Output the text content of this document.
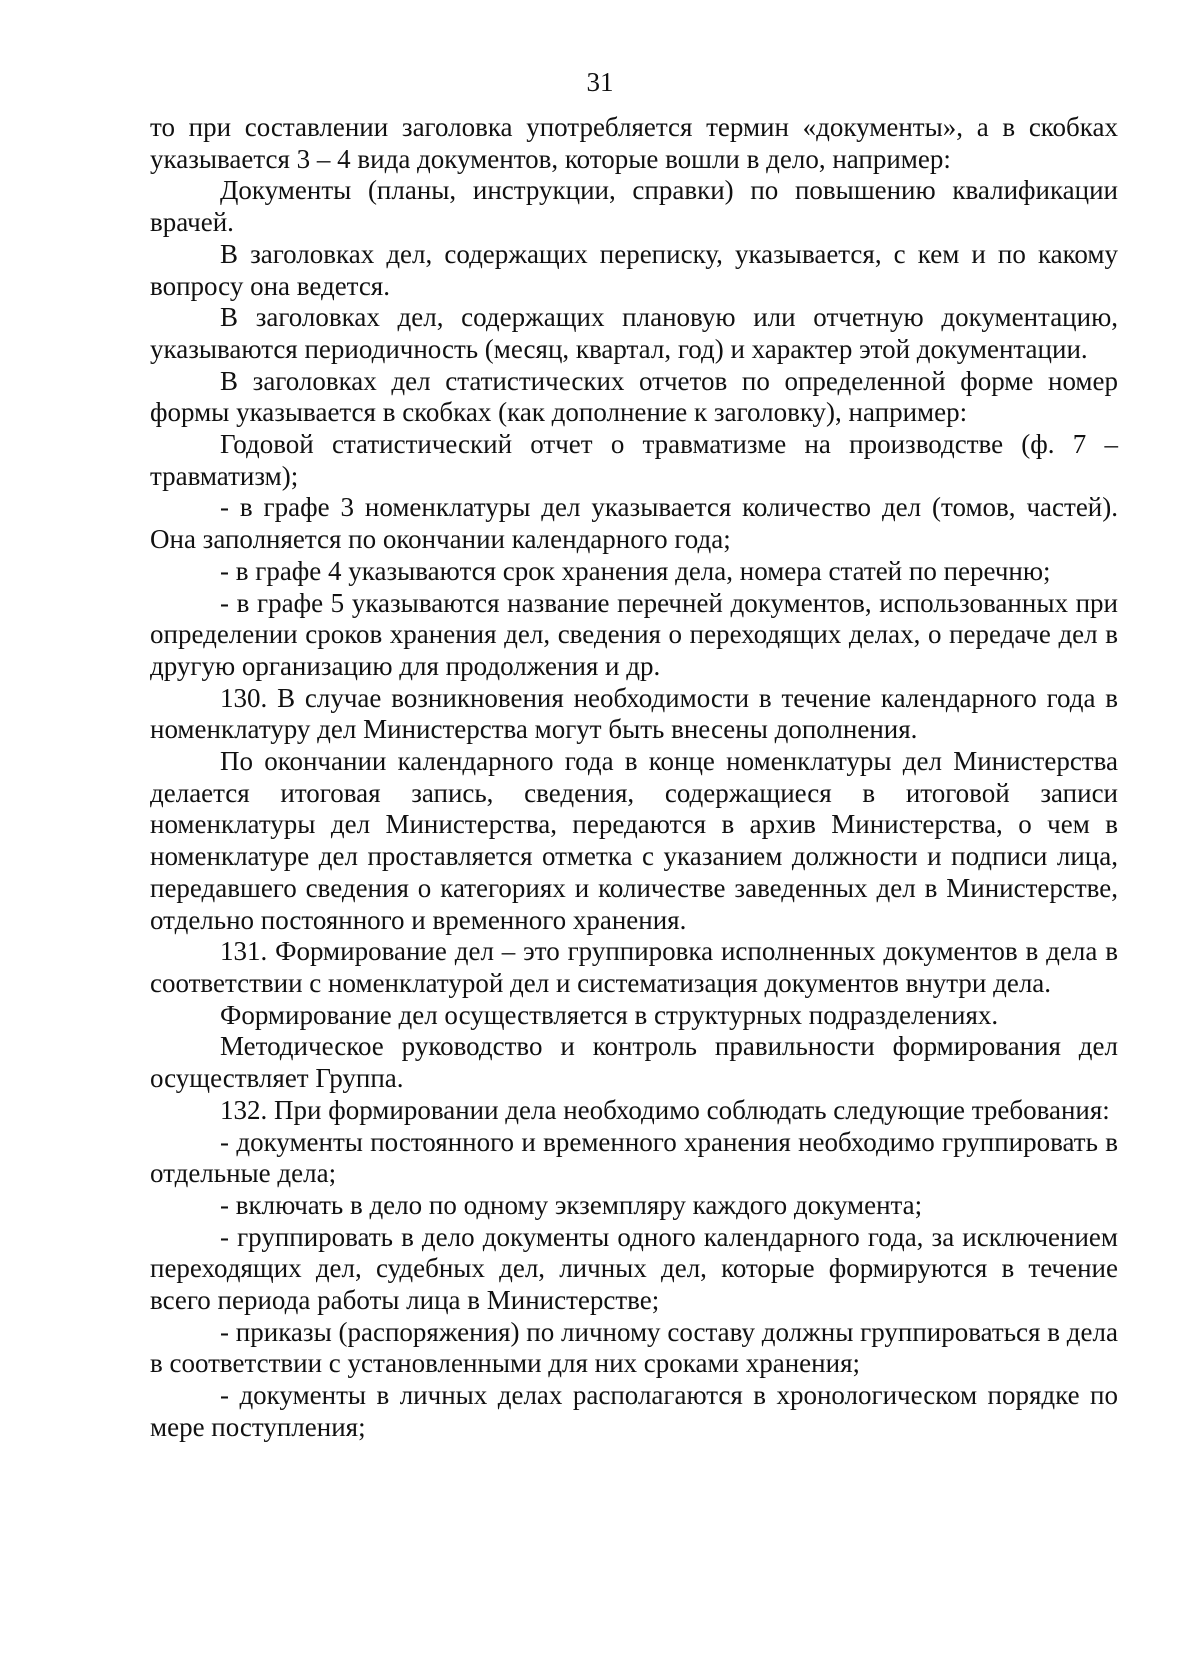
31

то при составлении заголовка употребляется термин «документы», а в скобках указывается 3 – 4 вида документов, которые вошли в дело, например:

Документы (планы, инструкции, справки) по повышению квалификации врачей.

В заголовках дел, содержащих переписку, указывается, с кем и по какому вопросу она ведется.

В заголовках дел, содержащих плановую или отчетную документацию, указываются периодичность (месяц, квартал, год) и характер этой документации.

В заголовках дел статистических отчетов по определенной форме номер формы указывается в скобках (как дополнение к заголовку), например:

Годовой статистический отчет о травматизме на производстве (ф. 7 – травматизм);

- в графе 3 номенклатуры дел указывается количество дел (томов, частей). Она заполняется по окончании календарного года;

- в графе 4 указываются срок хранения дела, номера статей по перечню;

- в графе 5 указываются название перечней документов, использованных при определении сроков хранения дел, сведения о переходящих делах, о передаче дел в другую организацию для продолжения и др.

130. В случае возникновения необходимости в течение календарного года в номенклатуру дел Министерства могут быть внесены дополнения.

По окончании календарного года в конце номенклатуры дел Министерства делается итоговая запись, сведения, содержащиеся в итоговой записи номенклатуры дел Министерства, передаются в архив Министерства, о чем в номенклатуре дел проставляется отметка с указанием должности и подписи лица, передавшего сведения о категориях и количестве заведенных дел в Министерстве, отдельно постоянного и временного хранения.

131. Формирование дел – это группировка исполненных документов в дела в соответствии с номенклатурой дел и систематизация документов внутри дела.

Формирование дел осуществляется в структурных подразделениях.

Методическое руководство и контроль правильности формирования дел осуществляет Группа.

132. При формировании дела необходимо соблюдать следующие требования:

- документы постоянного и временного хранения необходимо группировать в отдельные дела;

- включать в дело по одному экземпляру каждого документа;

- группировать в дело документы одного календарного года, за исключением переходящих дел, судебных дел, личных дел, которые формируются в течение всего периода работы лица в Министерстве;

- приказы (распоряжения) по личному составу должны группироваться в дела в соответствии с установленными для них сроками хранения;

- документы в личных делах располагаются в хронологическом порядке по мере поступления;
